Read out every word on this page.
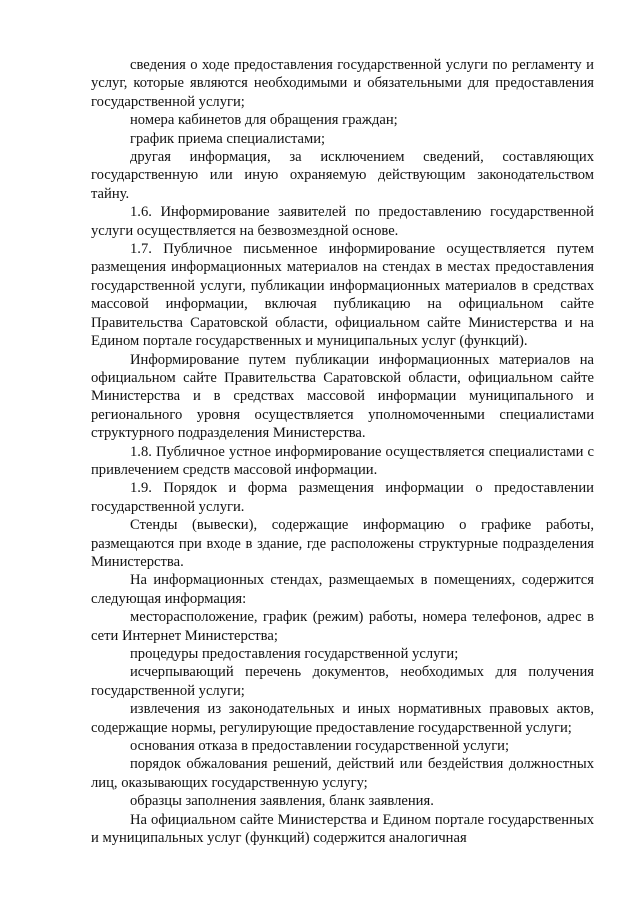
сведения о ходе предоставления государственной услуги по регламенту и услуг, которые являются необходимыми и обязательными для предоставления государственной услуги;

номера кабинетов для обращения граждан;

график приема специалистами;

другая информация, за исключением сведений, составляющих государственную или иную охраняемую действующим законодательством тайну.

1.6. Информирование заявителей по предоставлению государственной услуги осуществляется на безвозмездной основе.

1.7. Публичное письменное информирование осуществляется путем размещения информационных материалов на стендах в местах предоставления государственной услуги, публикации информационных материалов в средствах массовой информации, включая публикацию на официальном сайте Правительства Саратовской области, официальном сайте Министерства и на Едином портале государственных и муниципальных услуг (функций).

Информирование путем публикации информационных материалов на официальном сайте Правительства Саратовской области, официальном сайте Министерства и в средствах массовой информации муниципального и регионального уровня осуществляется уполномоченными специалистами структурного подразделения Министерства.

1.8. Публичное устное информирование осуществляется специалистами с привлечением средств массовой информации.

1.9. Порядок и форма размещения информации о предоставлении государственной услуги.

Стенды (вывески), содержащие информацию о графике работы, размещаются при входе в здание, где расположены структурные подразделения Министерства.

На информационных стендах, размещаемых в помещениях, содержится следующая информация:

месторасположение, график (режим) работы, номера телефонов, адрес в сети Интернет Министерства;

процедуры предоставления государственной услуги;

исчерпывающий перечень документов, необходимых для получения государственной услуги;

извлечения из законодательных и иных нормативных правовых актов, содержащие нормы, регулирующие предоставление государственной услуги;

основания отказа в предоставлении государственной услуги;

порядок обжалования решений, действий или бездействия должностных лиц, оказывающих государственную услугу;

образцы заполнения заявления, бланк заявления.

На официальном сайте Министерства и Едином портале государственных и муниципальных услуг (функций) содержится аналогичная
